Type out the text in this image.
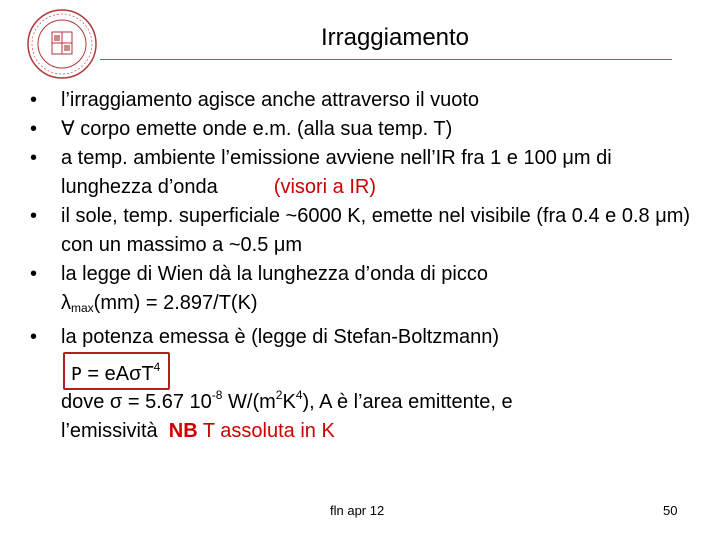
Irraggiamento
• l’irraggiamento agisce anche attraverso il vuoto
• ∀ corpo emette onde e.m. (alla sua temp. T)
• a temp. ambiente l’emissione avviene nell’IR fra 1 e 100 μm di lunghezza d’onda	(visori a IR)
• il sole, temp. superficiale ~6000 K, emette nel visibile (fra 0.4 e 0.8 μm) con un massimo a ~0.5 μm
• la legge di Wien dà la lunghezza d’onda di picco
$\lambda_{max}(mm) = 2.897/T(K)$
• la potenza emessa è (legge di Stefan-Boltzmann)
P = eAσT$^4$
dove σ = 5.67 $10^{-8}$ $W/(m^2K^4)$, A è l’area emittente, e
l’emissività  NB T assoluta in K
fln apr 12	50
